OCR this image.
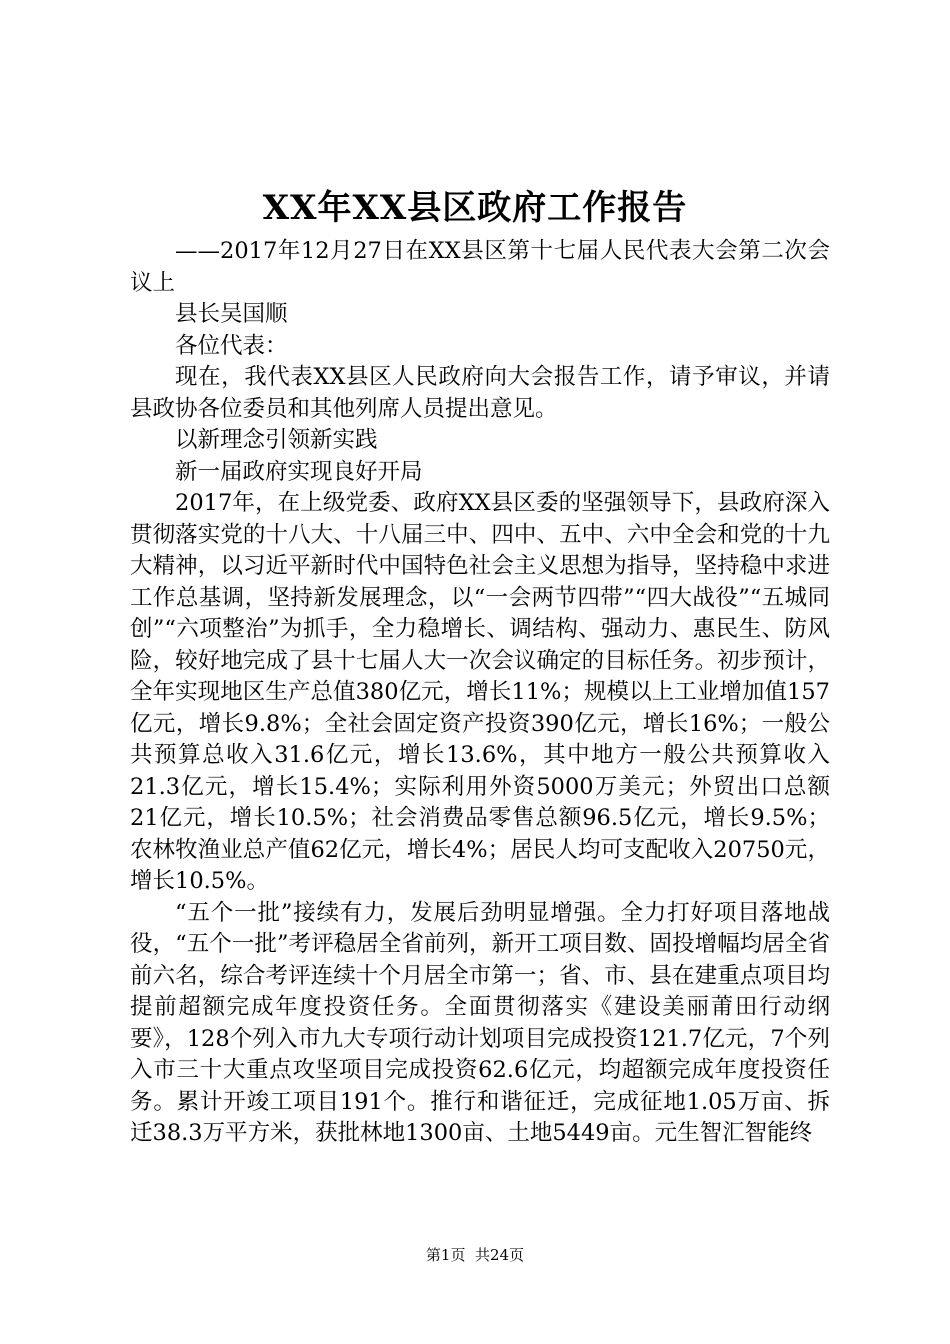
XX年XX县区政府工作报告

——2017年12月27日在XX县区第十七届人民代表大会第二次会议上

县长吴国顺

各位代表：

现在，我代表XX县区人民政府向大会报告工作，请予审议，并请县政协各位委员和其他列席人员提出意见。

以新理念引领新实践

新一届政府实现良好开局

2017年，在上级党委、政府XX县区委的坚强领导下，县政府深入贯彻落实党的十八大、十八届三中、四中、五中、六中全会和党的十九大精神，以习近平新时代中国特色社会主义思想为指导，坚持稳中求进工作总基调，坚持新发展理念，以“一会两节四带”“四大战役”“五城同创”“六项整治”为抓手，全力稳增长、调结构、强动力、惠民生、防风险，较好地完成了县十七届人大一次会议确定的目标任务。初步预计，全年实现地区生产总值380亿元，增长11%；规模以上工业增加值157亿元，增长9.8%；全社会固定资产投资390亿元，增长16%；一般公共预算总收入31.6亿元，增长13.6%，其中地方一般公共预算收入21.3亿元，增长15.4%；实际利用外资5000万美元；外贸出口总额21亿元，增长10.5%；社会消费品零售总额96.5亿元，增长9.5%；农林牧渔业总产值62亿元，增长4%；居民人均可支配收入20750元，增长10.5%。

“五个一批”接续有力，发展后劲明显增强。全力打好项目落地战役，“五个一批”考评稳居全省前列，新开工项目数、固投增幅均居全省前六名，综合考评连续十个月居全市第一；省、市、县在建重点项目均提前超额完成年度投资任务。全面贯彻落实《建设美丽莆田行动纲要》，128个列入市九大专项行动计划项目完成投资121.7亿元，7个列入市三十大重点攻坚项目完成投资62.6亿元，均超额完成年度投资任务。累计开竣工项目191个。推行和谐征迁，完成征地1.05万亩、拆迁38.3万平方米，获批林地1300亩、土地5449亩。元生智汇智能终

第1页 共24页
